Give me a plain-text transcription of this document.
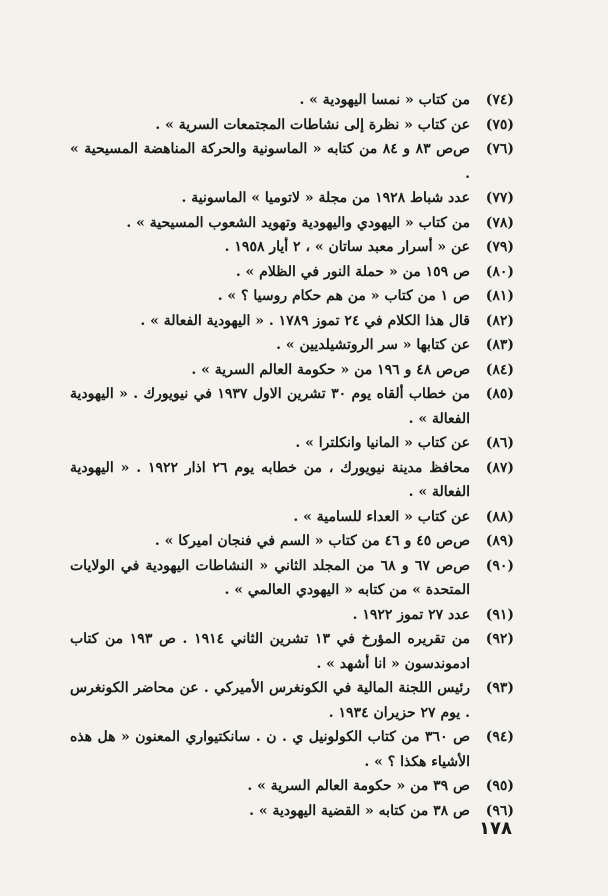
(٧٤)
من كتاب « نمسا اليهودية » .
(٧٥)
عن كتاب « نظرة إلى نشاطات المجتمعات السرية » .
(٧٦)
ص‌ص ٨٣ و ٨٤ من كتابه « الماسونية والحركة المناهضة المسيحية » .
(٧٧)
عدد شباط ١٩٢٨ من مجلة « لاتوميا » الماسونية .
(٧٨)
من كتاب « اليهودي واليهودية وتهويد الشعوب المسيحية » .
(٧٩)
عن « أسرار معبد ساتان » ، ٢ أيار ١٩٥٨ .
(٨٠)
ص ١٥٩ من « حملة النور في الظلام » .
(٨١)
ص ١ من كتاب « من هم حكام روسيا ؟ » .
(٨٢)
قال هذا الكلام في ٢٤ تموز ١٧٨٩ . « اليهودية الفعالة » .
(٨٣)
عن كتابها « سر الروتشيلديين » .
(٨٤)
ص‌ص ٤٨ و ١٩٦ من « حكومة العالم السرية » .
(٨٥)
من خطاب ألقاه يوم ٣٠ تشرين الاول ١٩٣٧ في نيويورك . « اليهودية الفعالة » .
(٨٦)
عن كتاب « المانيا وانكلترا » .
(٨٧)
محافظ مدينة نيويورك ، من خطابه يوم ٢٦ اذار ١٩٢٢ . « اليهودية الفعالة » .
(٨٨)
عن كتاب « العداء للسامية » .
(٨٩)
ص‌ص ٤٥ و ٤٦ من كتاب « السم في فنجان اميركا » .
(٩٠)
ص‌ص ٦٧ و ٦٨ من المجلد الثاني « النشاطات اليهودية في الولايات المتحدة » من كتابه « اليهودي العالمي » .
(٩١)
عدد ٢٧ تموز ١٩٢٢ .
(٩٢)
من تقريره المؤرخ في ١٣ تشرين الثاني ١٩١٤ . ص ١٩٣ من كتاب ادموندسون « انا أشهد » .
(٩٣)
رئيس اللجنة المالية في الكونغرس الأميركي . عن محاضر الكونغرس . يوم ٢٧ حزيران ١٩٣٤ .
(٩٤)
ص ٣٦٠ من كتاب الكولونيل ي . ن . سانكتيواري المعنون « هل هذه الأشياء هكذا ؟ » .
(٩٥)
ص ٣٩ من « حكومة العالم السرية » .
(٩٦)
ص ٣٨ من كتابه « القضية اليهودية » .
١٧٨
